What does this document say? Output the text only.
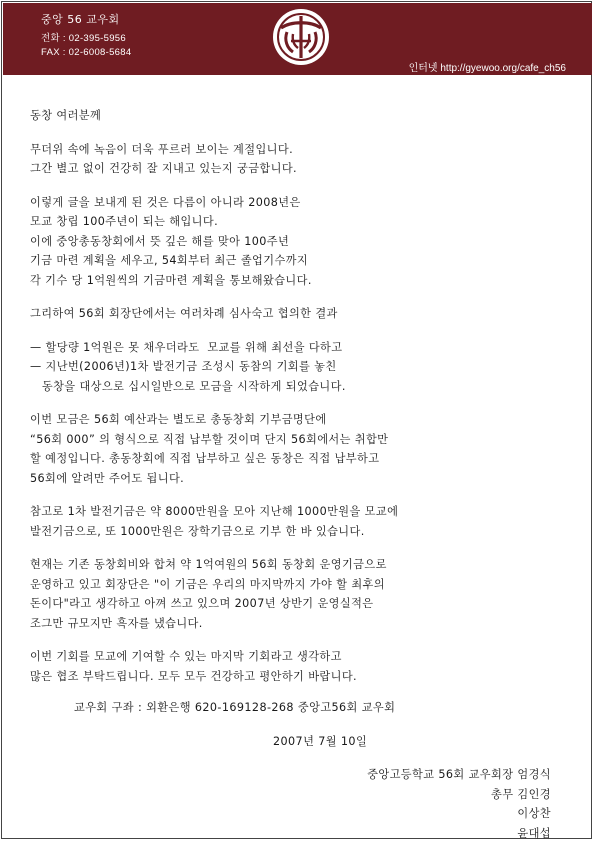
중앙 56 교우회
전화 : 02-395-5956
FAX : 02-6008-5684
인터넷 http://gyewoo.org/cafe_ch56

동창 여러분께

무더위 속에 녹음이 더욱 푸르러 보이는 계절입니다.

그간 별고 없이 건강히 잘 지내고 있는지 궁금합니다.

이렇게 글을 보내게 된 것은 다름이 아니라 2008년은

모교 창립 100주년이 되는 해입니다.

이에 중앙총동창회에서 뜻 깊은 해를 맞아 100주년

기금 마련 계획을 세우고, 54회부터 최근 졸업기수까지

각 기수 당 1억원씩의 기금마련 계획을 통보해왔습니다.

그리하여 56회 회장단에서는 여러차례 심사숙고 협의한 결과

— 할당량 1억원은 못 채우더라도  모교를 위해 최선을 다하고

— 지난번(2006년)1차 발전기금 조성시 동참의 기회를 놓친

동창을 대상으로 십시일반으로 모금을 시작하게 되었습니다.

이번 모금은 56회 예산과는 별도로 총동창회 기부금명단에

“56회 000” 의 형식으로 직접 납부할 것이며 단지 56회에서는 취합만

할 예정입니다. 총동창회에 직접 납부하고 싶은 동창은 직접 납부하고

56회에 알려만 주어도 됩니다.

참고로 1차 발전기금은 약 8000만원을 모아 지난해 1000만원을 모교에

발전기금으로, 또 1000만원은 장학기금으로 기부 한 바 있습니다.

현재는 기존 동창회비와 합쳐 약 1억여원의 56회 동창회 운영기금으로

운영하고 있고 회장단은 "이 기금은 우리의 마지막까지 가야 할 최후의

돈이다"라고 생각하고 아껴 쓰고 있으며 2007년 상반기 운영실적은

조그만 규모지만 흑자를 냈습니다.

이번 기회를 모교에 기여할 수 있는 마지막 기회라고 생각하고

많은 협조 부탁드립니다. 모두 모두 건강하고 평안하기 바랍니다.

교우회 구좌 : 외환은행 620-169128-268 중앙고56회 교우회

2007년 7월 10일

중앙고등학교 56회 교우회장 엄경식

총무 김인경

이상찬

윤대섭
